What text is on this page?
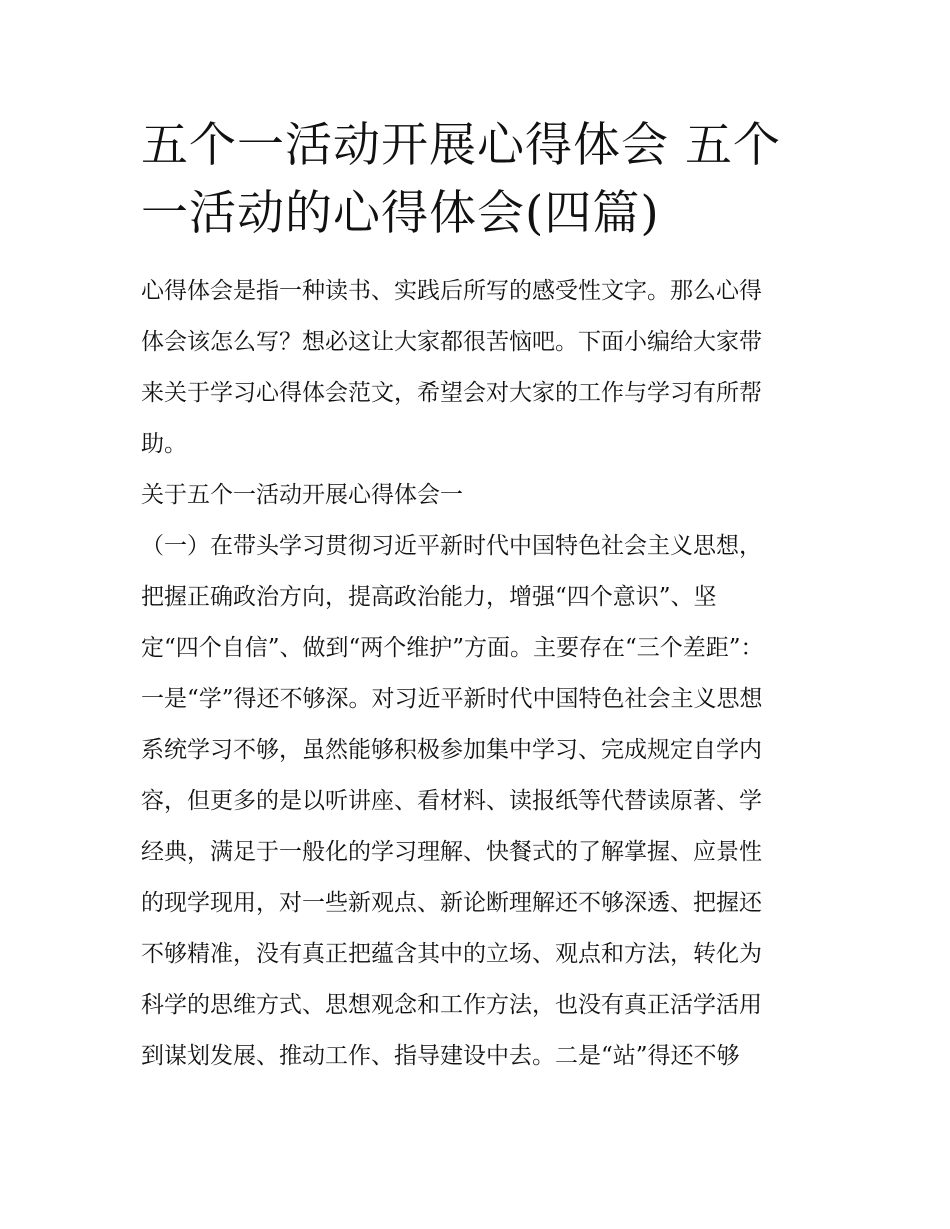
五个一活动开展心得体会 五个
一活动的心得体会(四篇)

心得体会是指一种读书、实践后所写的感受性文字。那么心得
体会该怎么写？想必这让大家都很苦恼吧。下面小编给大家带
来关于学习心得体会范文，希望会对大家的工作与学习有所帮
助。

关于五个一活动开展心得体会一

（一）在带头学习贯彻习近平新时代中国特色社会主义思想，
把握正确政治方向，提高政治能力，增强“四个意识”、坚
定“四个自信”、做到“两个维护”方面。主要存在“三个差距”：
一是“学”得还不够深。对习近平新时代中国特色社会主义思想
系统学习不够，虽然能够积极参加集中学习、完成规定自学内
容，但更多的是以听讲座、看材料、读报纸等代替读原著、学
经典，满足于一般化的学习理解、快餐式的了解掌握、应景性
的现学现用，对一些新观点、新论断理解还不够深透、把握还
不够精准，没有真正把蕴含其中的立场、观点和方法，转化为
科学的思维方式、思想观念和工作方法，也没有真正活学活用
到谋划发展、推动工作、指导建设中去。二是“站”得还不够
